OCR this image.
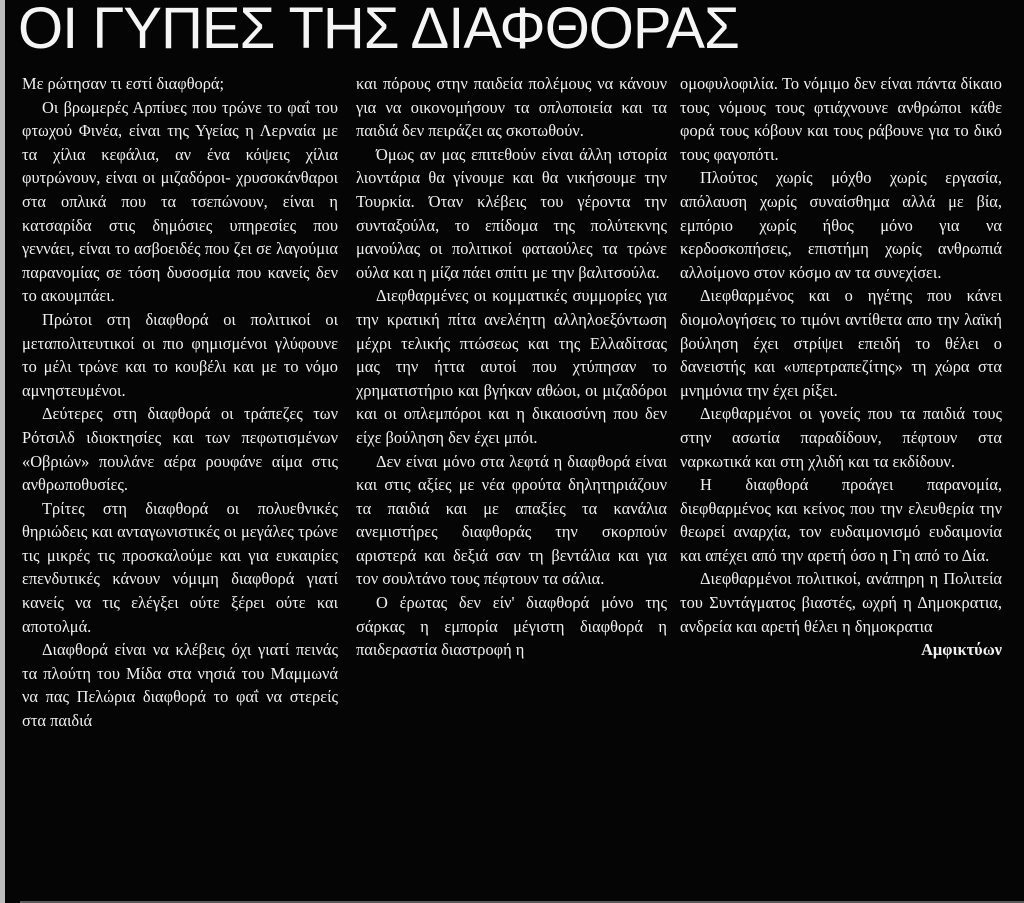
ΟΙ ΓΥΠΕΣ ΤΗΣ ΔΙΑΦΘΟΡΑΣ

Με ρώτησαν τι εστί διαφθορά;

Οι βρωμερές Αρπίυες που τρώνε το φαΐ του φτωχού Φινέα, είναι της Υγείας η Λερναία με τα χίλια κεφάλια, αν ένα κόψεις χίλια φυτρώνουν, είναι οι μιζαδόροι- χρυσοκάνθαροι στα οπλικά που τα τσεπώνουν, είναι η κατσαρίδα στις δημόσιες υπηρεσίες που γεννάει, είναι το ασβοειδές που ζει σε λαγούμια παρανομίας σε τόση δυσοσμία που κανείς δεν το ακουμπάει.

Πρώτοι στη διαφθορά οι πολιτικοί οι μεταπολιτευτικοί οι πιο φημισμένοι γλύφουνε το μέλι τρώνε και το κουβέλι και με το νόμο αμνηστευμένοι.

Δεύτερες στη διαφθορά οι τράπεζες των Ρότσιλδ ιδιοκτησίες και των πεφωτισμένων «Οβριών» πουλάνε αέρα ρουφάνε αίμα στις ανθρωποθυσίες.

Τρίτες στη διαφθορά οι πολυεθνικές θηριώδεις και ανταγωνιστικές οι μεγάλες τρώνε τις μικρές τις προσκαλούμε και για ευκαιρίες επενδυτικές κάνουν νόμιμη διαφθορά γιατί κανείς να τις ελέγξει ούτε ξέρει ούτε και αποτολμά.

Διαφθορά είναι να κλέβεις όχι γιατί πεινάς τα πλούτη του Μίδα στα νησιά του Μαμμωνά να πας Πελώρια διαφθορά το φαΐ να στερείς στα παιδιά

και πόρους στην παιδεία πολέμους να κάνουν για να οικονομήσουν τα οπλοποιεία και τα παιδιά δεν πειράζει ας σκοτωθούν.

Όμως αν μας επιτεθούν είναι άλλη ιστορία λιοντάρια θα γίνουμε και θα νικήσουμε την Τουρκία. Όταν κλέβεις του γέροντα την συνταξούλα, το επίδομα της πολύτεκνης μανούλας οι πολιτικοί φαταούλες τα τρώνε ούλα και η μίζα πάει σπίτι με την βαλιτσούλα.

Διεφθαρμένες οι κομματικές συμμορίες για την κρατική πίτα ανελέητη αλληλοεξόντωση μέχρι τελικής πτώσεως και της Ελλαδίτσας μας την ήττα αυτοί που χτύπησαν το χρηματιστήριο και βγήκαν αθώοι, οι μιζαδόροι και οι οπλεμπόροι και η δικαιοσύνη που δεν είχε βούληση δεν έχει μπόι.

Δεν είναι μόνο στα λεφτά η διαφθορά είναι και στις αξίες με νέα φρούτα δηλητηριάζουν τα παιδιά και με απαξίες τα κανάλια ανεμιστήρες διαφθοράς την σκορπούν αριστερά και δεξιά σαν τη βεντάλια και για τον σουλτάνο τους πέφτουν τα σάλια.

Ο έρωτας δεν είν' διαφθορά μόνο της σάρκας η εμπορία μέγιστη διαφθορά η παιδεραστία διαστροφή η

ομοφυλοφιλία. Το νόμιμο δεν είναι πάντα δίκαιο τους νόμους τους φτιάχνουνε ανθρώποι κάθε φορά τους κόβουν και τους ράβουνε για το δικό τους φαγοπότι.

Πλούτος χωρίς μόχθο χωρίς εργασία, απόλαυση χωρίς συναίσθημα αλλά με βία, εμπόριο χωρίς ήθος μόνο για να κερδοσκοπήσεις, επιστήμη χωρίς ανθρωπιά αλλοίμονο στον κόσμο αν τα συνεχίσει.

Διεφθαρμένος και ο ηγέτης που κάνει διομολογήσεις το τιμόνι αντίθετα απο την λαϊκή βούληση έχει στρίψει επειδή το θέλει ο δανειστής και «υπερτραπεζίτης» τη χώρα στα μνημόνια την έχει ρίξει.

Διεφθαρμένοι οι γονείς που τα παιδιά τους στην ασωτία παραδίδουν, πέφτουν στα ναρκωτικά και στη χλιδή και τα εκδίδουν.

Η διαφθορά προάγει παρανομία, διεφθαρμένος και κείνος που την ελευθερία την θεωρεί αναρχία, τον ευδαιμονισμό ευδαιμονία και απέχει από την αρετή όσο η Γη από το Δία.

Διεφθαρμένοι πολιτικοί, ανάπηρη η Πολιτεία του Συντάγματος βιαστές, ωχρή η Δημοκρατια, ανδρεία και αρετή θέλει η δημοκρατια

Αμφικτύων
